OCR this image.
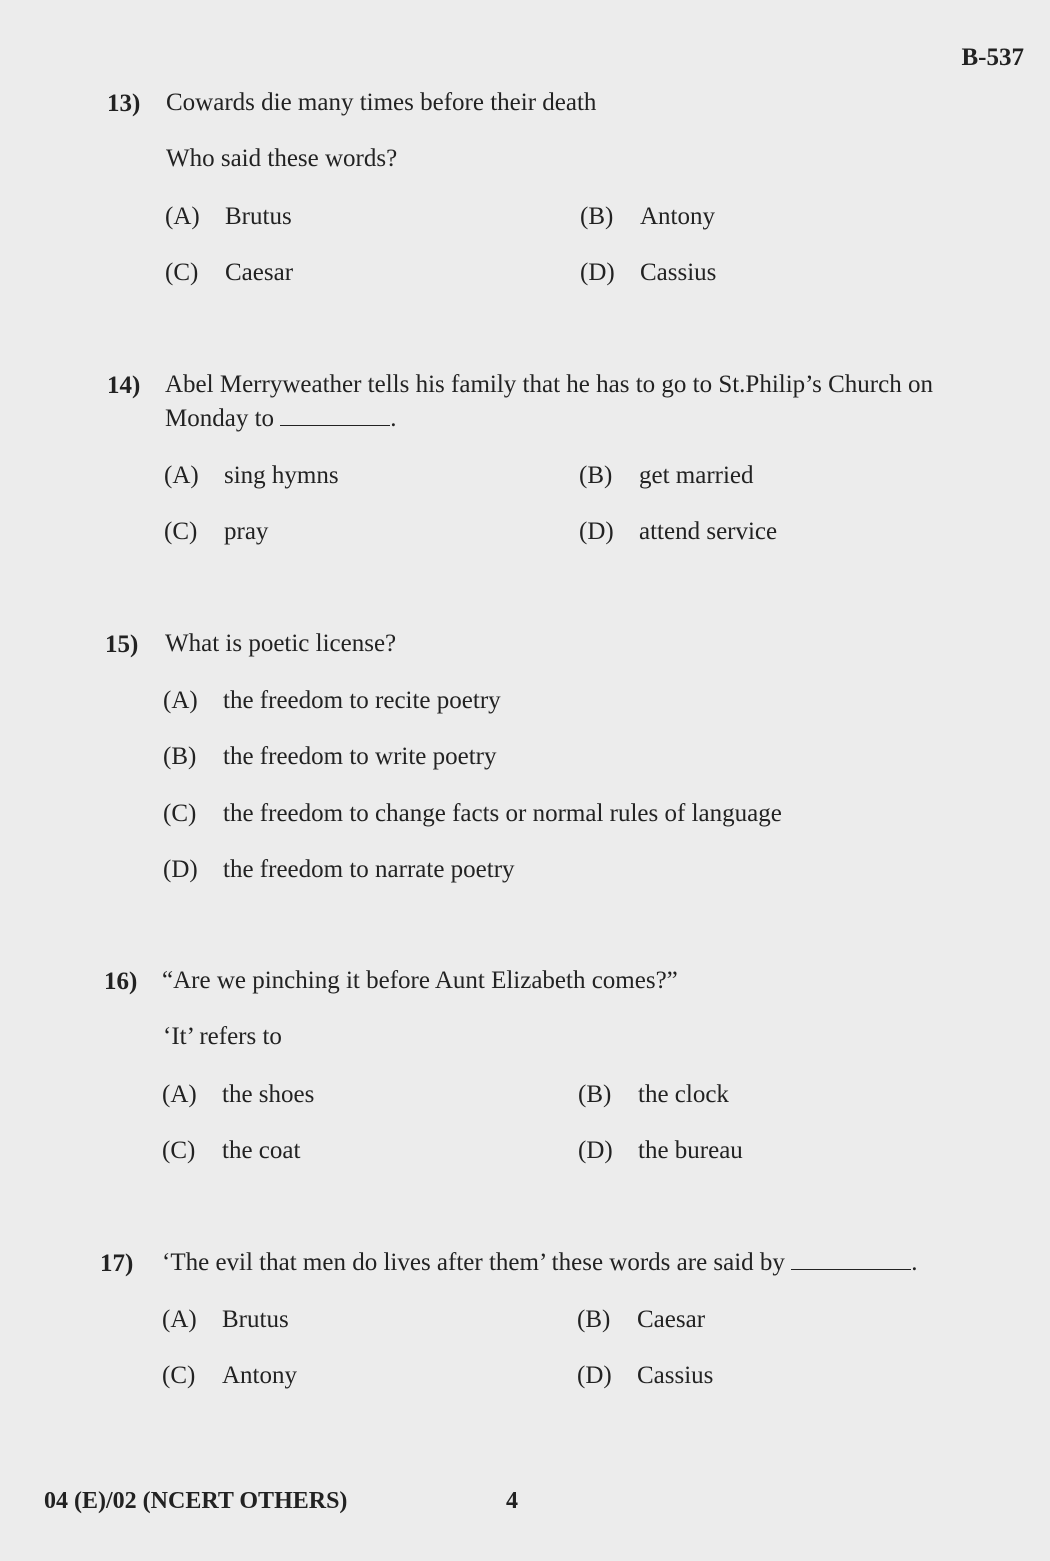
B-537
13) Cowards die many times before their death
Who said these words?
(A) Brutus	(B) Antony
(C) Caesar	(D) Cassius
14) Abel Merryweather tells his family that he has to go to St.Philip’s Church on
Monday to	.
(A) sing hymns	(B) get married
(C) pray	(D) attend service
15) What is poetic license?
(A) the freedom to recite poetry
(B) the freedom to write poetry
(C) the freedom to change facts or normal rules of language
(D) the freedom to narrate poetry
16) “Are we pinching it before Aunt Elizabeth comes?”
‘It’ refers to
(A) the shoes	(B) the clock
(C) the coat	(D) the bureau
17) ‘The evil that men do lives after them’ these words are said by	.
(A) Brutus	(B) Caesar
(C) Antony	(D) Cassius
04 (E)/02 (NCERT OTHERS)	4
